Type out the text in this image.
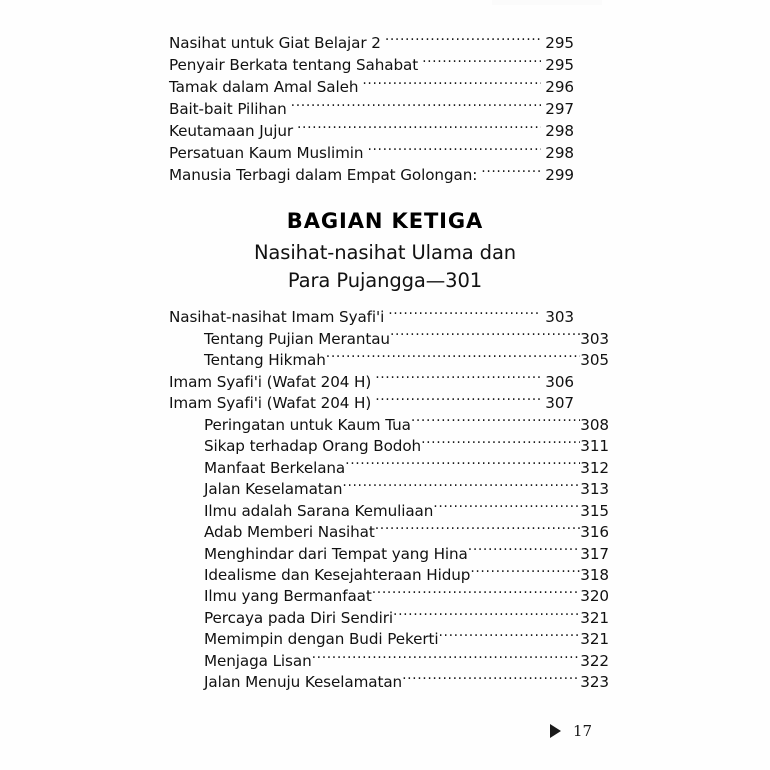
Nasihat untuk Giat Belajar 2 .....	295
Penyair Berkata tentang Sahabat .....	295
Tamak dalam Amal Saleh .....	296
Bait-bait Pilihan .....	297
Keutamaan Jujur .....	298
Persatuan Kaum Muslimin .....	298
Manusia Terbagi dalam Empat Golongan: .....	299
BAGIAN KETIGA
Nasihat-nasihat Ulama dan
Para Pujangga—301
Nasihat-nasihat Imam Syafi'i .....	303
Tentang Pujian Merantau .....	303
Tentang Hikmah .....	305
Imam Syafi'i (Wafat 204 H) .....	306
Imam Syafi'i (Wafat 204 H) .....	307
Peringatan untuk Kaum Tua .....	308
Sikap terhadap Orang Bodoh .....	311
Manfaat Berkelana .....	312
Jalan Keselamatan .....	313
Ilmu adalah Sarana Kemuliaan .....	315
Adab Memberi Nasihat .....	316
Menghindar dari Tempat yang Hina .....	317
Idealisme dan Kesejahteraan Hidup .....	318
Ilmu yang Bermanfaat .....	320
Percaya pada Diri Sendiri .....	321
Memimpin dengan Budi Pekerti .....	321
Menjaga Lisan .....	322
Jalan Menuju Keselamatan .....	323
17
